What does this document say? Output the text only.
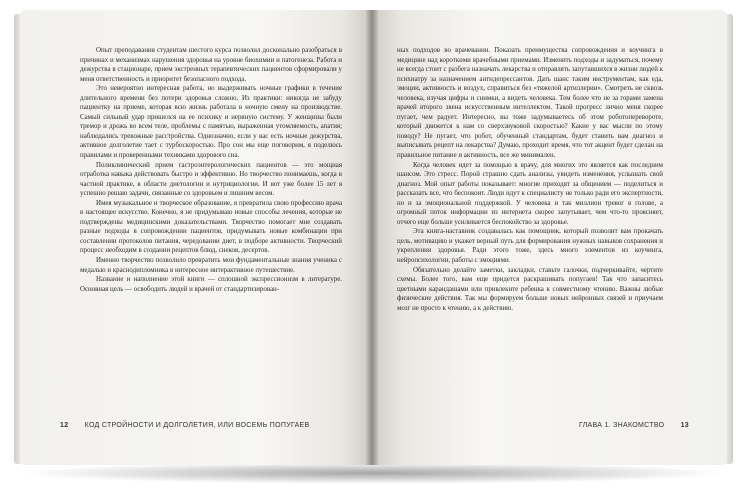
Опыт преподавания студентам шестого курса позволил досконально разобраться в причинах и механизмах нарушения здоровья на уровне биохимии и патогенеза. Работа и дежурства в стационаре, прием экстренных терапевтических пациентов сформировали у меня ответственность и приоритет безопасного подхода.

Это невероятно интересная работа, но выдерживать ночные графики в течение длительного времени без потери здоровья сложно. Из практики: никогда не забуду пациентку на приеме, которая всю жизнь работала в ночную смену на производстве. Самый сильный удар пришелся на ее психику и нервную систему. У женщины были тремор и дрожь во всем теле, проблемы с памятью, выраженная утомляемость, апатия; наблюдались тревожные расстройства. Однозначно, если у вас есть ночные дежурства, активное долголетие тает с турбоскоростью. Про сон мы еще поговорим, я поделюсь правилами и проверенными техниками здорового сна.

Поликлинический прием гастроэнтерологических пациентов — это мощная отработка навыка действовать быстро и эффективно. Но творчество понимаешь, когда в частной практике, в области диетологии и нутрициологии. И вот уже более 15 лет я успешно решаю задачи, связанные со здоровьем и лишним весом.

Имея музыкальное и творческое образование, я превратила свою профессию врача в настоящее искусство. Конечно, я не придумываю новые способы лечения, которые не подтверждены медицинскими доказательствами. Творчество помогает мне создавать разные подходы в сопровождении пациентов, придумывать новые комбинации при составлении протоколов питания, чередовании диет, в подборе активности. Творческий процесс необходим в создании рецептов блюд, снеков, десертов.

Именно творчество позволило превратить мои фундаментальные знания ученика с медалью и краснодипломника в интересное интерактивное путешествие.

Название и наполнение этой книги — сплошной экспрессионизм в литературе. Основная цель — освободить людей и врачей от стандартизирован-

12 КОД СТРОЙНОСТИ И ДОЛГОЛЕТИЯ, ИЛИ ВОСЕМЬ ПОПУГАЕВ

ных подходов во врачевании. Показать преимущества сопровождения и коучинга в медицине над короткими врачебными приемами. Изменить подходы и задуматься, почему не всегда стоит с разбега назначать лекарства и отправлять запутавшихся в жизни людей к психиатру за назначением антидепрессантов. Дать шанс таким инструментам, как еда, эмоции, активность и воздух, справиться без «тяжелой артиллерии». Смотреть не сквозь человека, изучая цифры и снимки, а видеть человека. Тем более что не за горами замена врачей второго звена искусственным интеллектом. Такой прогресс лично меня скорее пугает, чем радует. Интересно, вы тоже задумываетесь об этом роботоперевороте, который движется к нам со сверхзвуковой скоростью? Какие у вас мысли по этому поводу? Не пугает, что робот, обученный стандартам, будет ставить вам диагноз и выписывать рецепт на лекарства? Думаю, проходит время, что тот акцент будет сделан на правильное питание и активность, все же минимален.

Когда человек идет за помощью к врачу, для многих это является как последним шансом. Это стресс. Порой страшно сдать анализы, увидеть изменения, услышать свой диагноз. Мой опыт работы показывает: многие приходят за общением — поделиться и рассказать все, что беспокоит. Люди идут к специалисту не только ради его экспертности, но и за эмоциональной поддержкой. У человека и так миллион тревог в голове, а огромный поток информации из интернета скорее запутывает, чем что-то проясняет, отчего еще больше усиливается беспокойство за здоровье.

Эта книга-наставник создавалась как помощник, который позволит вам прокачать цель, мотивацию и укажет верный путь для формирования нужных навыков сохранения и укрепления здоровья. Ради этого тоже, здесь много элементов из коучинга, нейропсихологии, работы с эмоциями.

Обязательно делайте заметки, закладки, ставьте галочки, подчеркивайте, чертите схемы. Более того, вам еще придется раскрашивать попугаев! Так что запаситесь цветными карандашами или привлеките ребенка к совместному чтению. Важны любые физические действия. Так мы формируем больше новых нейронных связей и приучаем мозг не просто к чтению, а к действию.

ГЛАВА 1. ЗНАКОМСТВО 13
